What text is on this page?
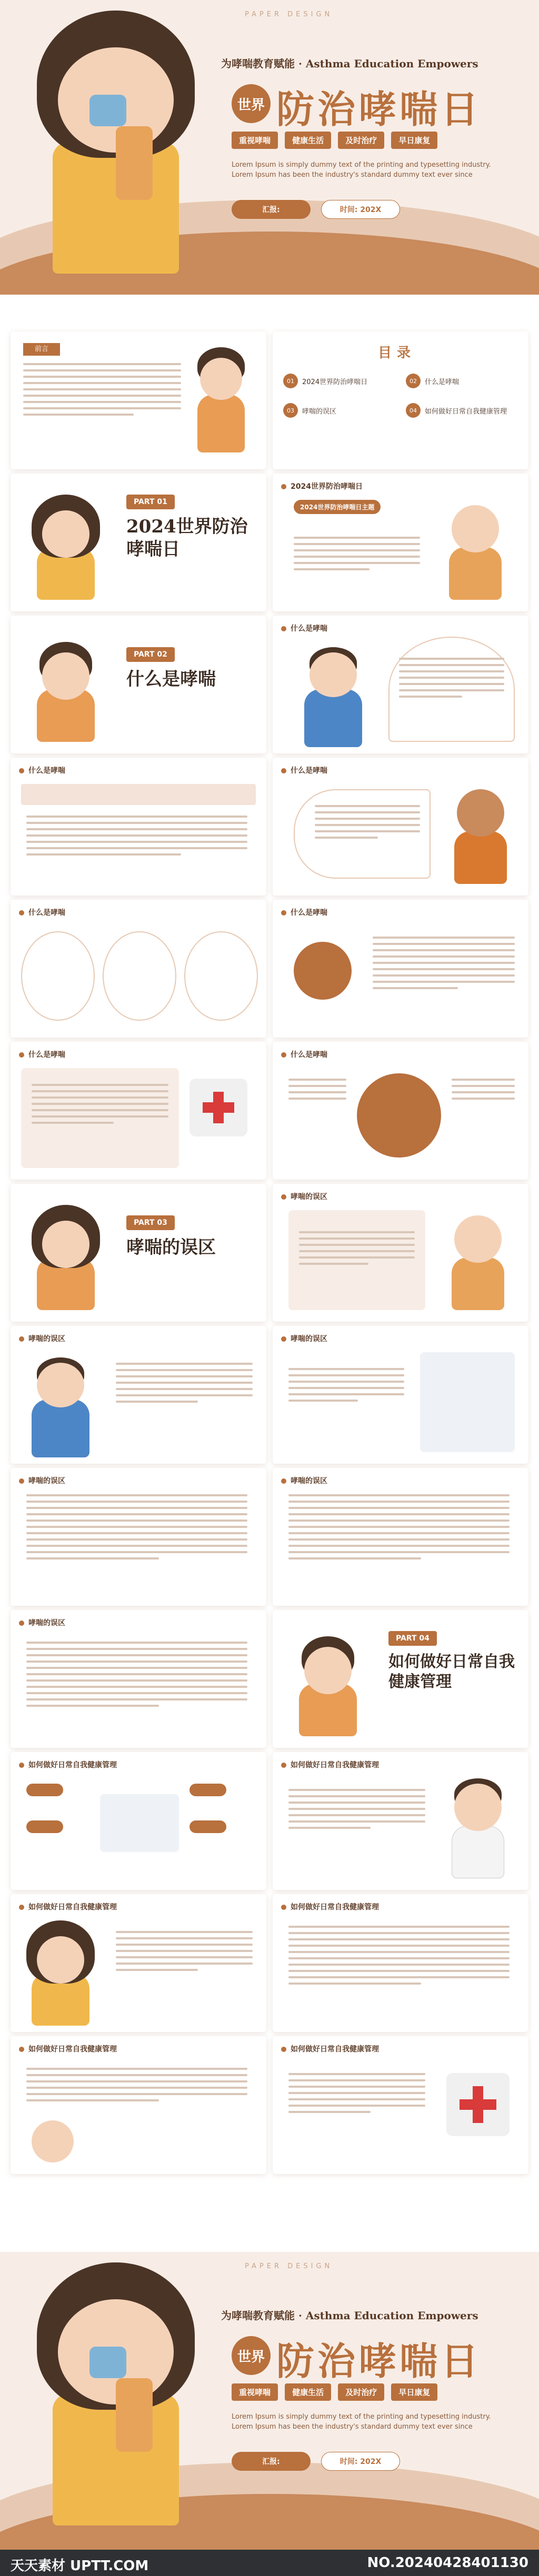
PAPER DESIGN
为哮喘教育赋能 · Asthma Education Empowers
世界 防治哮喘日
重视哮喘	健康生活	及时治疗	早日康复
Lorem Ipsum is simply dummy text of the printing and typesetting industry. Lorem Ipsum has been the industry's standard dummy text ever since
汇报:	时间: 202X
前言	目录
01	2024世界防治哮喘日	02	什么是哮喘
03	哮喘的误区	04	如何做好日常自我健康管理
PART 01
2024世界防治哮喘日
2024世界防治哮喘日
2024世界防治哮喘日主题
PART 02
什么是哮喘
什么是哮喘
什么是哮喘	什么是哮喘
什么是哮喘	什么是哮喘
什么是哮喘	什么是哮喘
PART 03
哮喘的误区
哮喘的误区
哮喘的误区	哮喘的误区
哮喘的误区	哮喘的误区
哮喘的误区
PART 04
如何做好日常自我健康管理
如何做好日常自我健康管理

	如何做好日常自我健康管理
如何做好日常自我健康管理	如何做好日常自我健康管理
如何做好日常自我健康管理	如何做好日常自我健康管理
PAPER DESIGN
为哮喘教育赋能 · Asthma Education Empowers
世界 防治哮喘日
重视哮喘	健康生活	及时治疗	早日康复
Lorem Ipsum is simply dummy text of the printing and typesetting industry. Lorem Ipsum has been the industry's standard dummy text ever since
汇报:	时间: 202X
天天素材 UPTT.COM	NO.20240428401130
